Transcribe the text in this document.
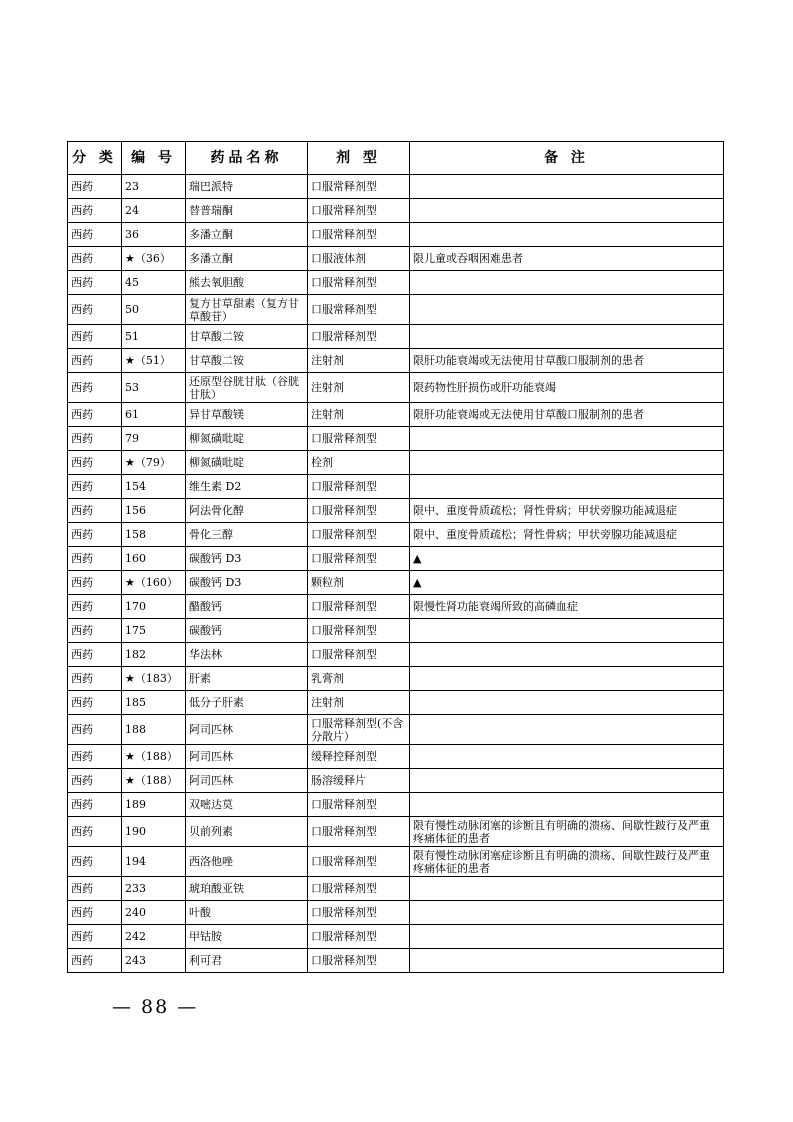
分 类	编 号	药品名称	剂 型	备 注
西药	23	瑞巴派特	口服常释剂型	
西药	24	替普瑞酮	口服常释剂型	
西药	36	多潘立酮	口服常释剂型	
西药	★（36）	多潘立酮	口服液体剂	限儿童或吞咽困难患者
西药	45	熊去氧胆酸	口服常释剂型	
西药	50	复方甘草甜素（复方甘草酸苷）	口服常释剂型	
西药	51	甘草酸二铵	口服常释剂型	
西药	★（51）	甘草酸二铵	注射剂	限肝功能衰竭或无法使用甘草酸口服制剂的患者
西药	53	还原型谷胱甘肽（谷胱甘肽）	注射剂	限药物性肝损伤或肝功能衰竭
西药	61	异甘草酸镁	注射剂	限肝功能衰竭或无法使用甘草酸口服制剂的患者
西药	79	柳氮磺吡啶	口服常释剂型	
西药	★（79）	柳氮磺吡啶	栓剂	
西药	154	维生素 D2	口服常释剂型	
西药	156	阿法骨化醇	口服常释剂型	限中、重度骨质疏松；肾性骨病；甲状旁腺功能减退症
西药	158	骨化三醇	口服常释剂型	限中、重度骨质疏松；肾性骨病；甲状旁腺功能减退症
西药	160	碳酸钙 D3	口服常释剂型	▲
西药	★（160）	碳酸钙 D3	颗粒剂	▲
西药	170	醋酸钙	口服常释剂型	限慢性肾功能衰竭所致的高磷血症
西药	175	碳酸钙	口服常释剂型	
西药	182	华法林	口服常释剂型	
西药	★（183）	肝素	乳膏剂	
西药	185	低分子肝素	注射剂	
西药	188	阿司匹林	口服常释剂型(不含分散片）	
西药	★（188）	阿司匹林	缓释控释剂型	
西药	★（188）	阿司匹林	肠溶缓释片	
西药	189	双嘧达莫	口服常释剂型	
西药	190	贝前列素	口服常释剂型	限有慢性动脉闭塞的诊断且有明确的溃疡、间歇性跛行及严重疼痛体征的患者
西药	194	西洛他唑	口服常释剂型	限有慢性动脉闭塞症诊断且有明确的溃疡、间歇性跛行及严重疼痛体征的患者
西药	233	琥珀酸亚铁	口服常释剂型	
西药	240	叶酸	口服常释剂型	
西药	242	甲钴胺	口服常释剂型	
西药	243	利可君	口服常释剂型	
— 88 —
